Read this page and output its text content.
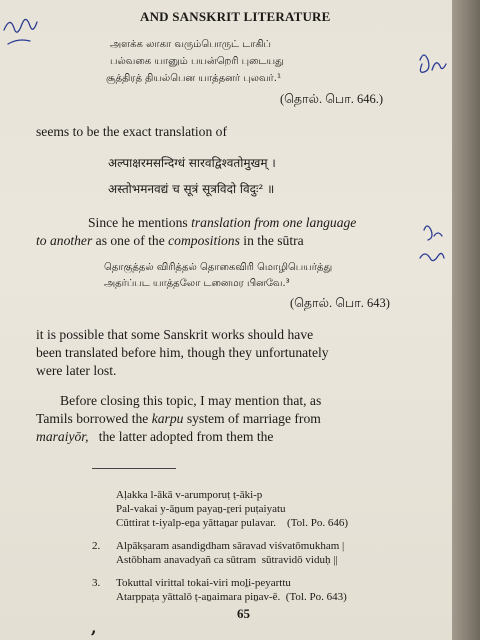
AND SANSKRIT LITERATURE
அளக்க லாகா வரும்பொருட் டாகிப்
பல்வகை யானும் பயன்றெரி புடையது
சூத்திரத் தியல்பென யாத்தனர் புலவர்.¹
(தொல். பொ. 646.)
seems to be the exact translation of
अल्पाक्षरमसन्दिग्धं सारवद्विश्वतोमुखम् ।
अस्तोभमनवद्यं च सूत्रं सूत्रविदो विदुः² ॥
Since he mentions translation from one language
to another as one of the compositions in the sūtra
தொகுத்தல் விரித்தல் தொகைவிரி மொழிபெயர்த்து
அதர்ப்பட யாத்தலோ டனைமர பினவே.³
(தொல். பொ. 643)
it is possible that some Sanskrit works should have
been translated before him, though they unfortunately
were later lost.
Before closing this topic, I may mention that, as
Tamils borrowed the karpu system of marriage from
maraiyōr,   the latter adopted from them the
Aḷakka l-ākā v-arumporuṭ ṭ-āki-p
Pal-vakai y-āṉum payaṉ-ṟeri puṭaiyatu
Cūttirat t-iyalp-eṉa yāttaṉar pulavar.    (Tol. Po. 646)
2. Alpākṣaram asandigdham sāravad viśvatōmukham |
Astōbham anavadyañ ca sūtram  sūtravidō viduḥ ||
3. Tokuttal virittal tokai-viri moḻi-peyarttu
Atarppaṭa yāttalō ṭ-aṉaimara piṉav-ē.  (Tol. Po. 643)
65
,
